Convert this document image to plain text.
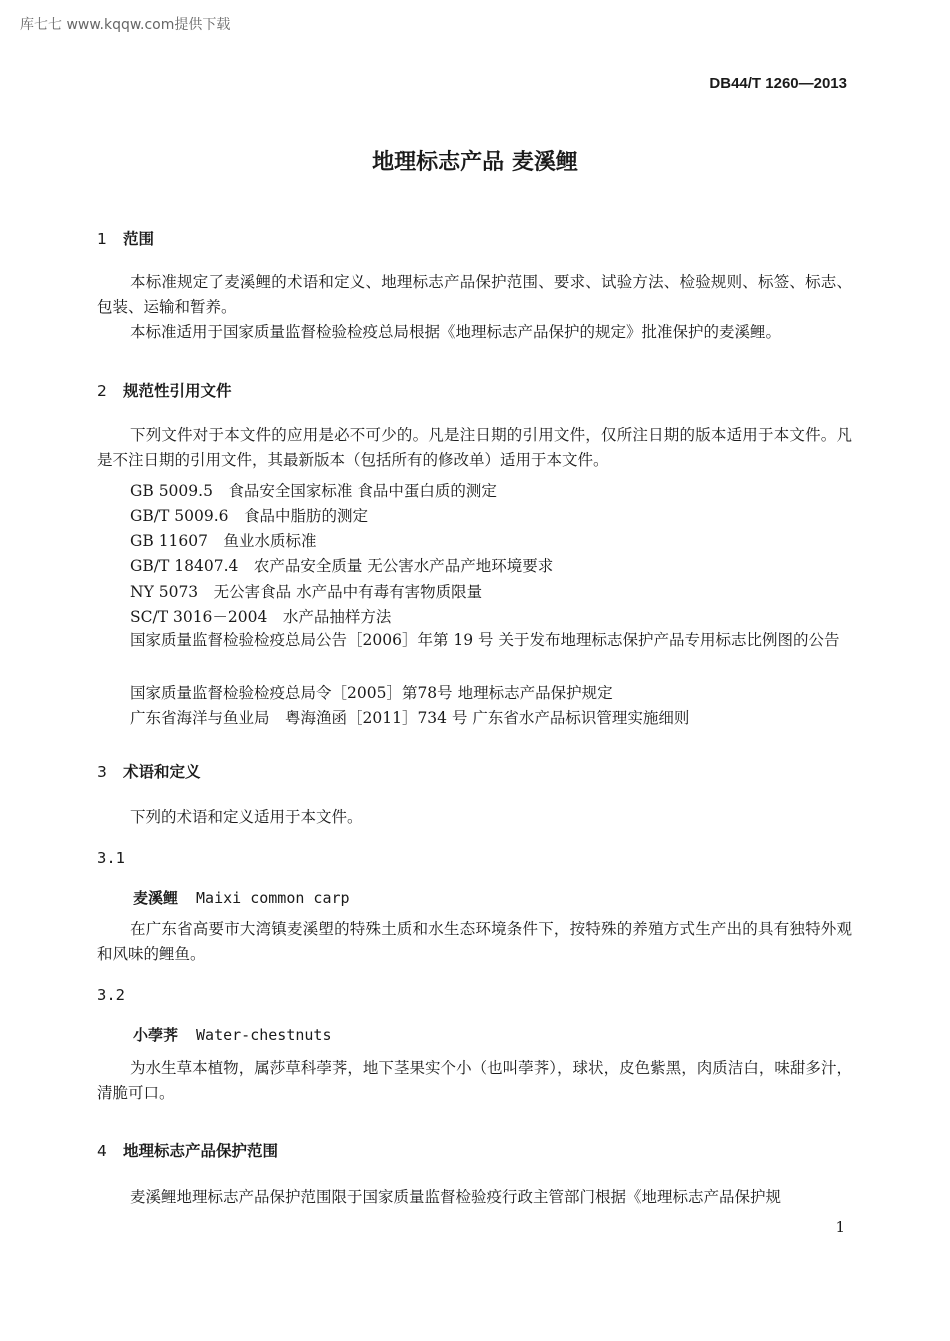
库七七 www.kqqw.com提供下载
DB44/T 1260—2013
地理标志产品 麦溪鲤
1 范围
本标准规定了麦溪鲤的术语和定义、地理标志产品保护范围、要求、试验方法、检验规则、标签、标志、包装、运输和暂养。
本标准适用于国家质量监督检验检疫总局根据《地理标志产品保护的规定》批准保护的麦溪鲤。
2 规范性引用文件
下列文件对于本文件的应用是必不可少的。凡是注日期的引用文件，仅所注日期的版本适用于本文件。凡是不注日期的引用文件，其最新版本（包括所有的修改单）适用于本文件。
GB 5009.5　食品安全国家标准 食品中蛋白质的测定
GB/T 5009.6　食品中脂肪的测定
GB 11607　鱼业水质标准
GB/T 18407.4　农产品安全质量 无公害水产品产地环境要求
NY 5073　无公害食品 水产品中有毒有害物质限量
SC/T 3016－2004　水产品抽样方法
国家质量监督检验检疫总局公告［2006］年第 19 号 关于发布地理标志保护产品专用标志比例图的公告
国家质量监督检验检疫总局令［2005］第78号 地理标志产品保护规定
广东省海洋与鱼业局　粤海渔函［2011］734 号 广东省水产品标识管理实施细则
3 术语和定义
下列的术语和定义适用于本文件。
3.1
麦溪鲤 Maixi common carp
在广东省高要市大湾镇麦溪塱的特殊土质和水生态环境条件下，按特殊的养殖方式生产出的具有独特外观和风味的鲤鱼。
3.2
小荸荠 Water-chestnuts
为水生草本植物，属莎草科荸荠，地下茎果实个小（也叫荸荠），球状，皮色紫黑，肉质洁白，味甜多汁，清脆可口。
4 地理标志产品保护范围
麦溪鲤地理标志产品保护范围限于国家质量监督检验疫行政主管部门根据《地理标志产品保护规
1
